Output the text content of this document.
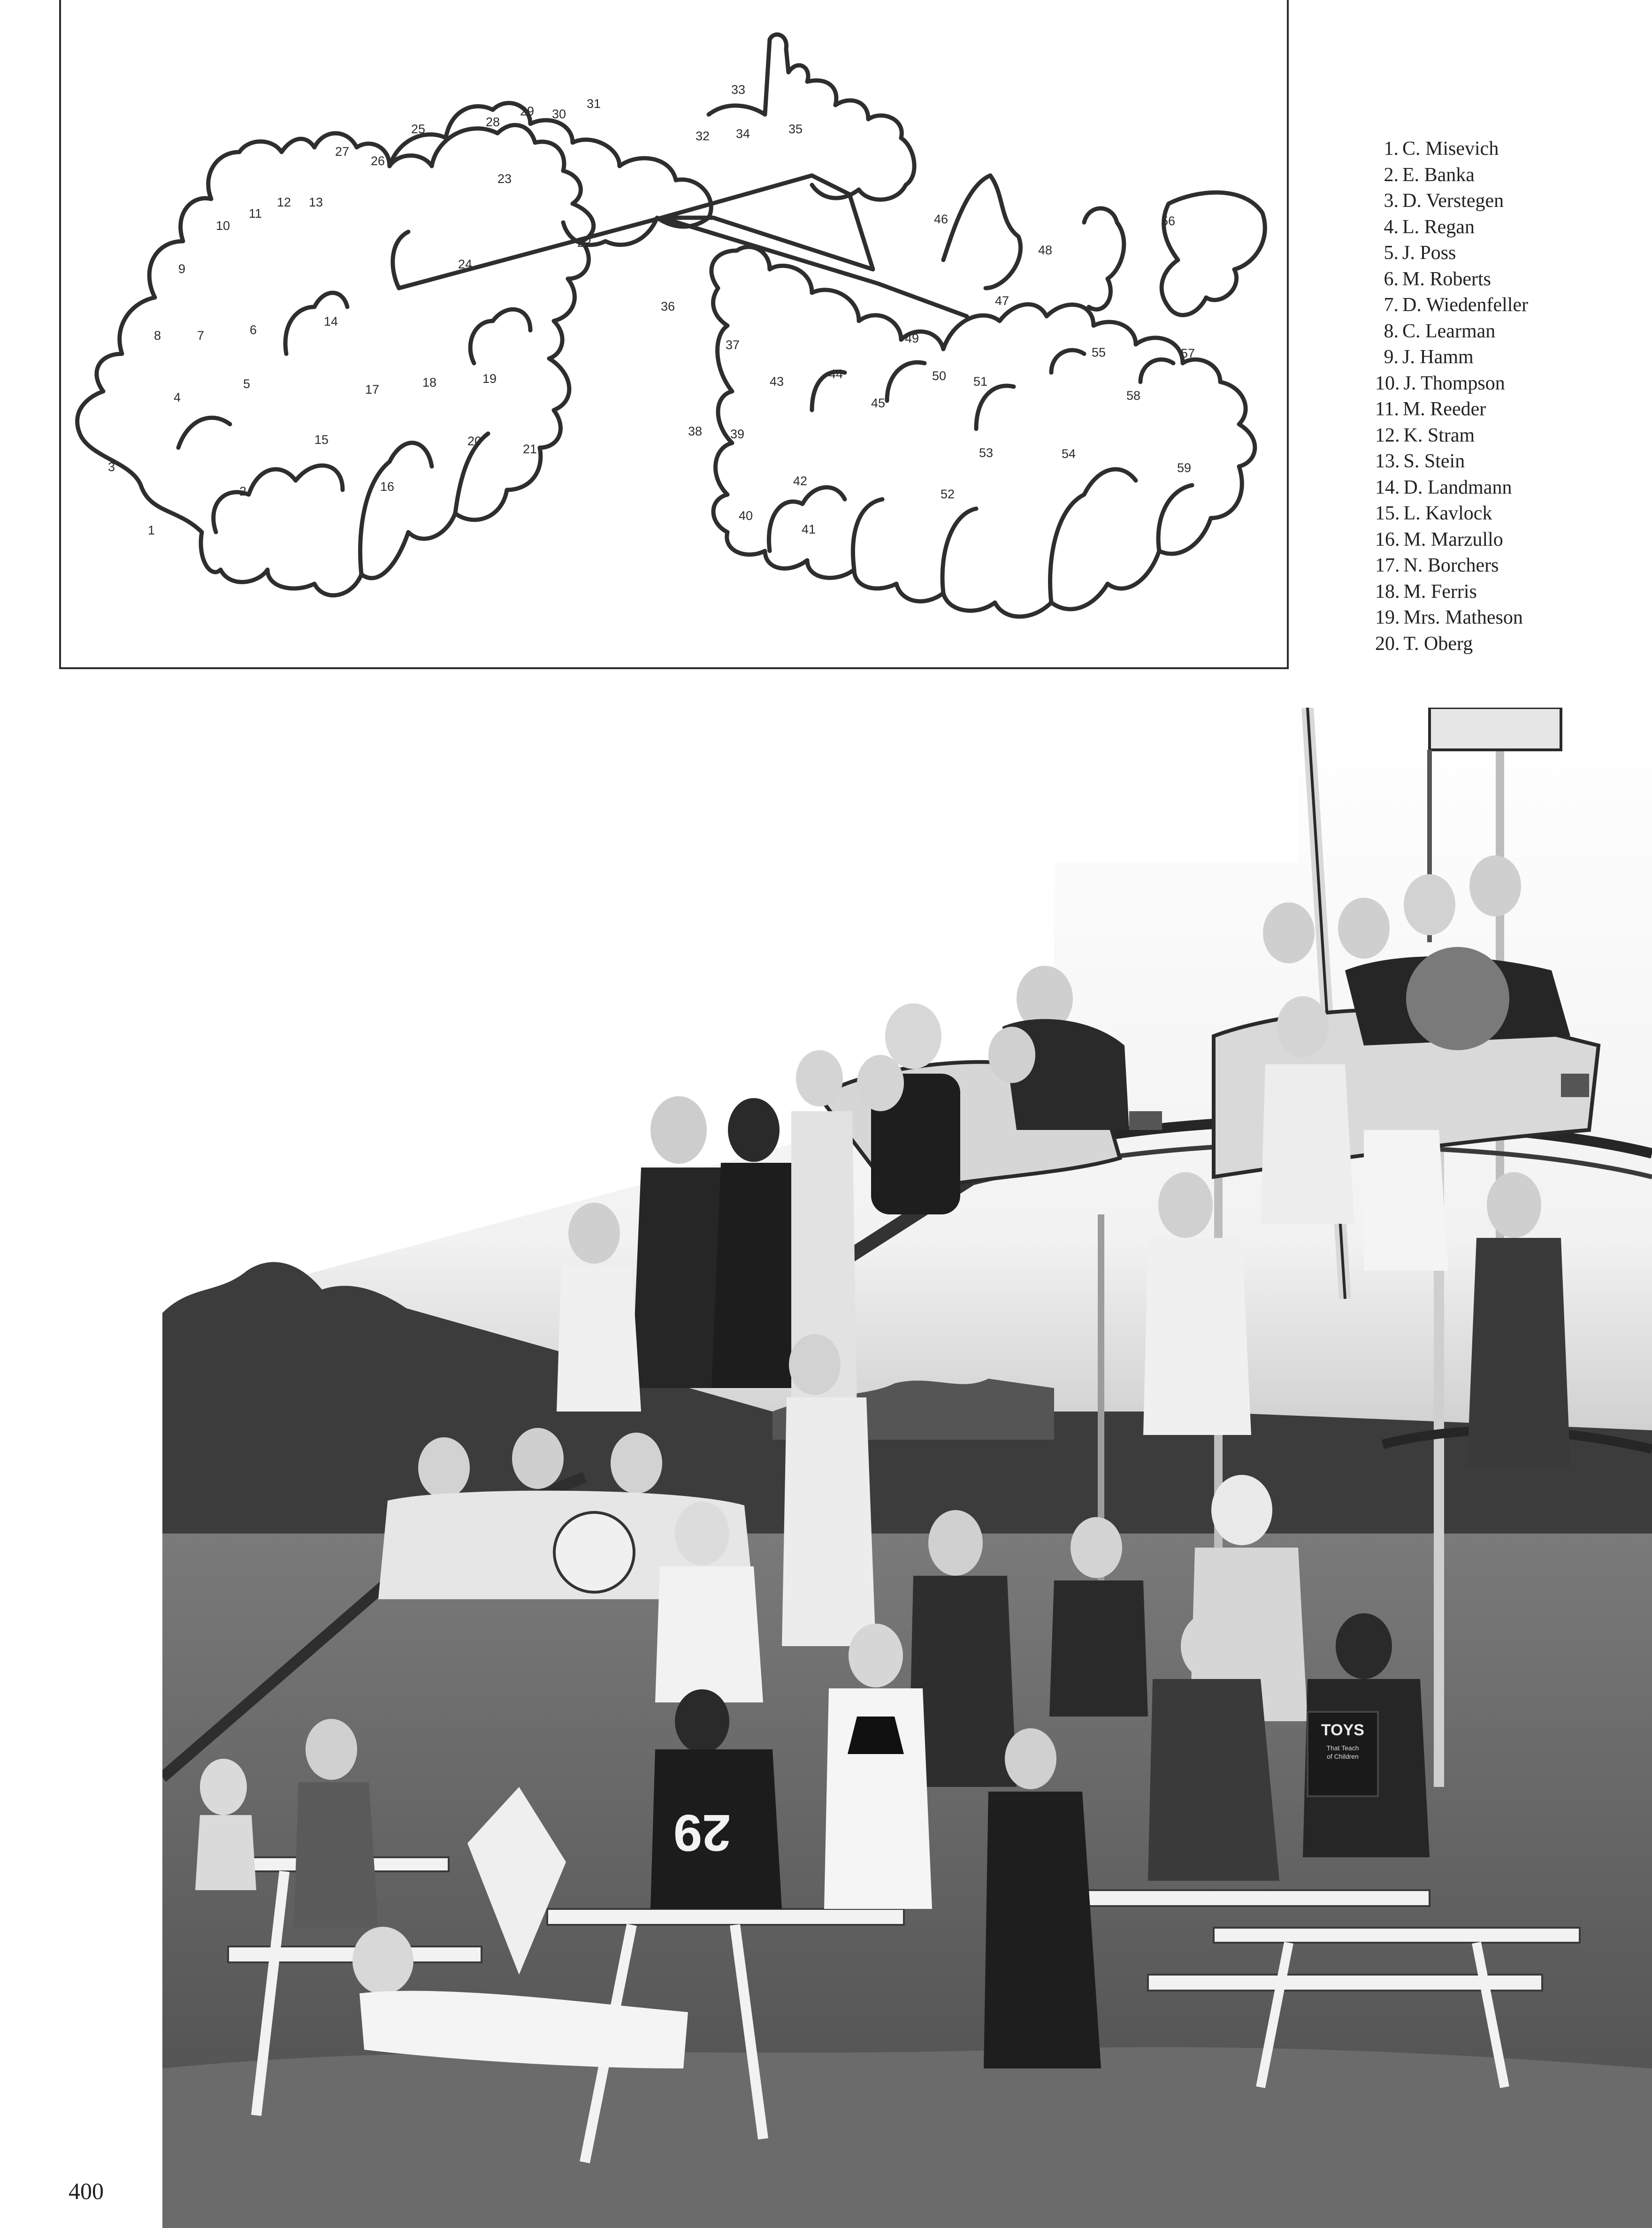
1
2
3
4
5
6
7
8
9
10
11
12 13
14
15
16
17	18	19
20
21
22
23
24
25
26
27
28
29 30
31
32
33
34	35
36
37
38 39
40
41
42
43
44
45
46
47
48
49
50 51
52
53	54
55
56
57
58
59
1. C. Misevich
2. E. Banka
3. D. Verstegen
4. L. Regan
5. J. Poss
6. M. Roberts
7. D. Wiedenfeller
8. C. Learman
9. J. Hamm
10. J. Thompson
11. M. Reeder
12. K. Stram
13. S. Stein
14. D. Landmann
15. L. Kavlock
16. M. Marzullo
17. N. Borchers
18. M. Ferris
19. Mrs. Matheson
20. T. Oberg
29
TOYS
That Teach
of Children
400
